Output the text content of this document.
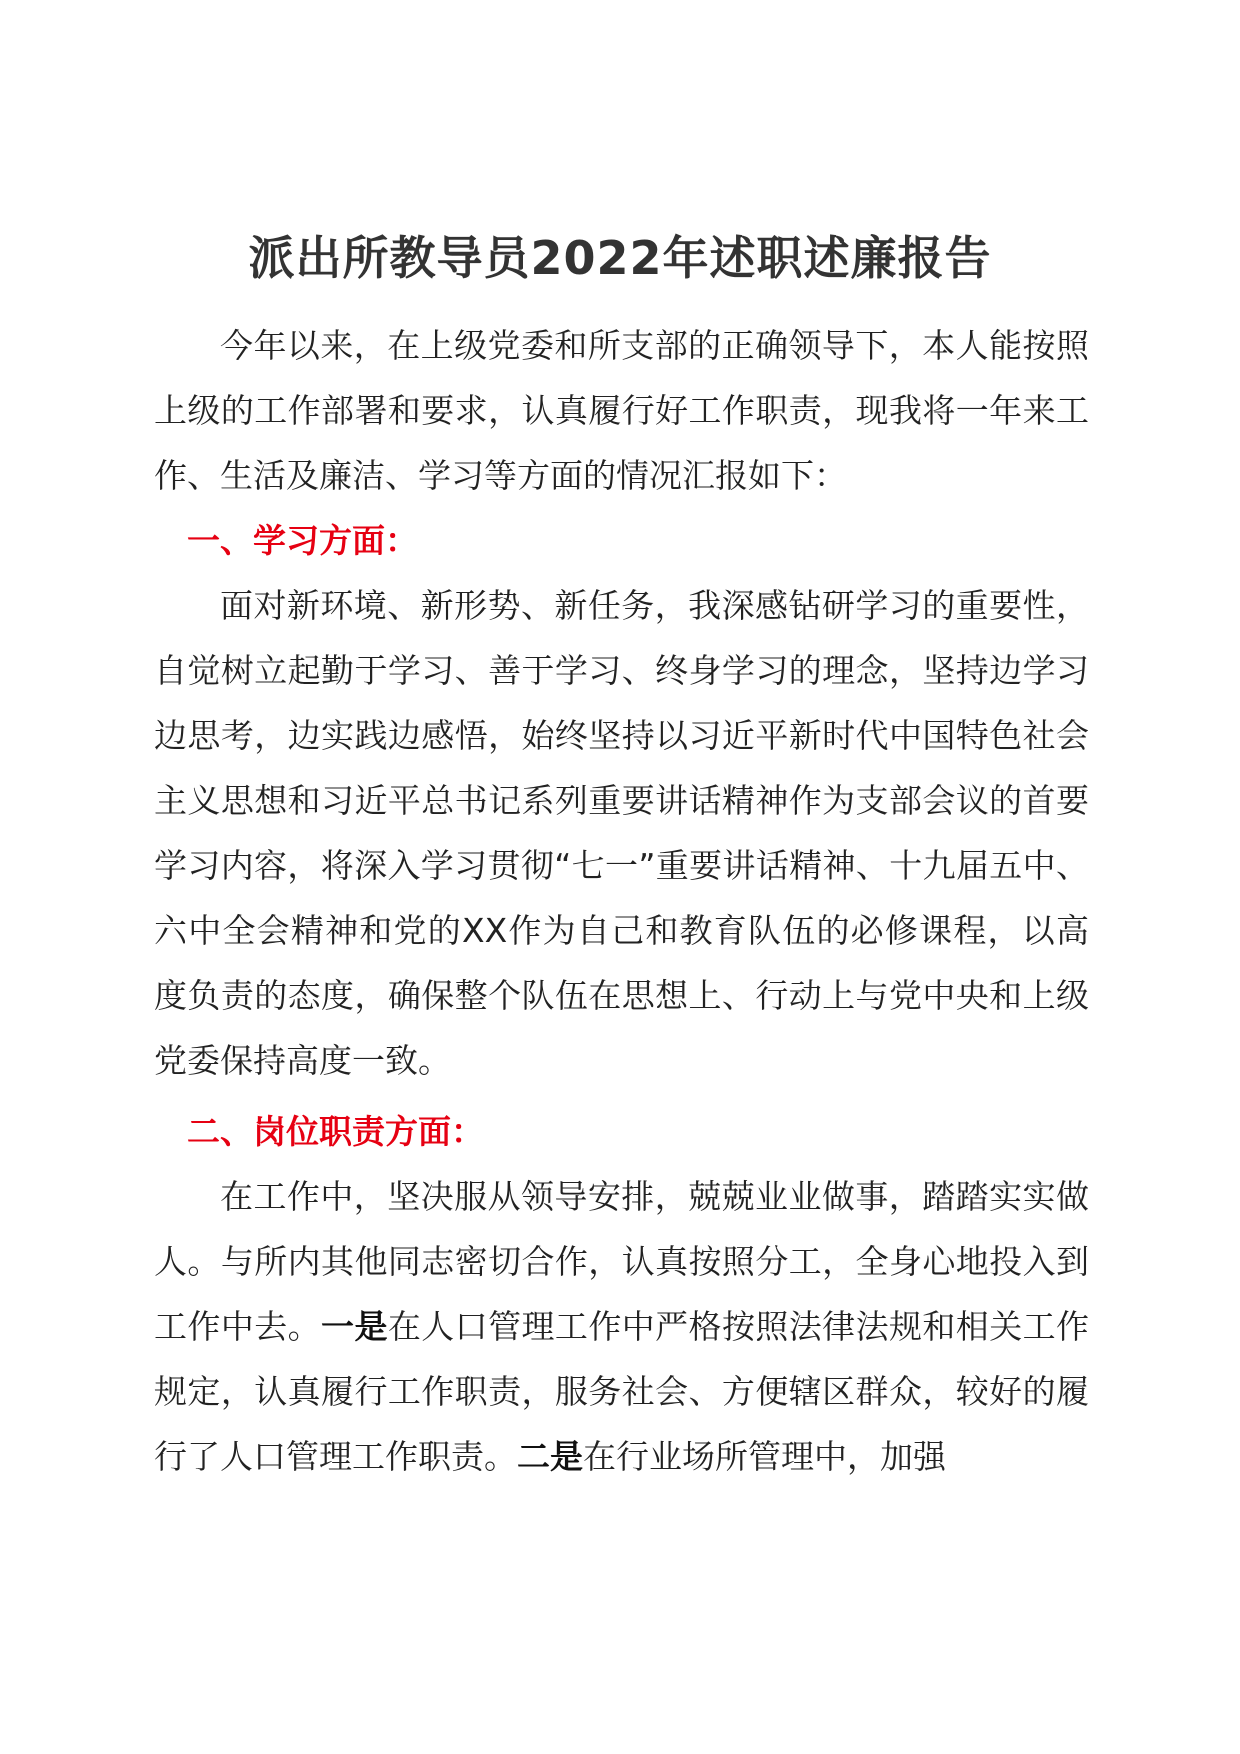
派出所教导员2022年述职述廉报告

今年以来，在上级党委和所支部的正确领导下，本人能按照上级的工作部署和要求，认真履行好工作职责，现我将一年来工作、生活及廉洁、学习等方面的情况汇报如下：

一、学习方面：

面对新环境、新形势、新任务，我深感钻研学习的重要性，自觉树立起勤于学习、善于学习、终身学习的理念，坚持边学习边思考，边实践边感悟，始终坚持以习近平新时代中国特色社会主义思想和习近平总书记系列重要讲话精神作为支部会议的首要学习内容，将深入学习贯彻“七一”重要讲话精神、十九届五中、六中全会精神和党的XX作为自己和教育队伍的必修课程，以高度负责的态度，确保整个队伍在思想上、行动上与党中央和上级党委保持高度一致。

二、岗位职责方面：

在工作中，坚决服从领导安排，兢兢业业做事，踏踏实实做人。与所内其他同志密切合作，认真按照分工，全身心地投入到工作中去。一是在人口管理工作中严格按照法律法规和相关工作规定，认真履行工作职责，服务社会、方便辖区群众，较好的履行了人口管理工作职责。二是在行业场所管理中，加强
